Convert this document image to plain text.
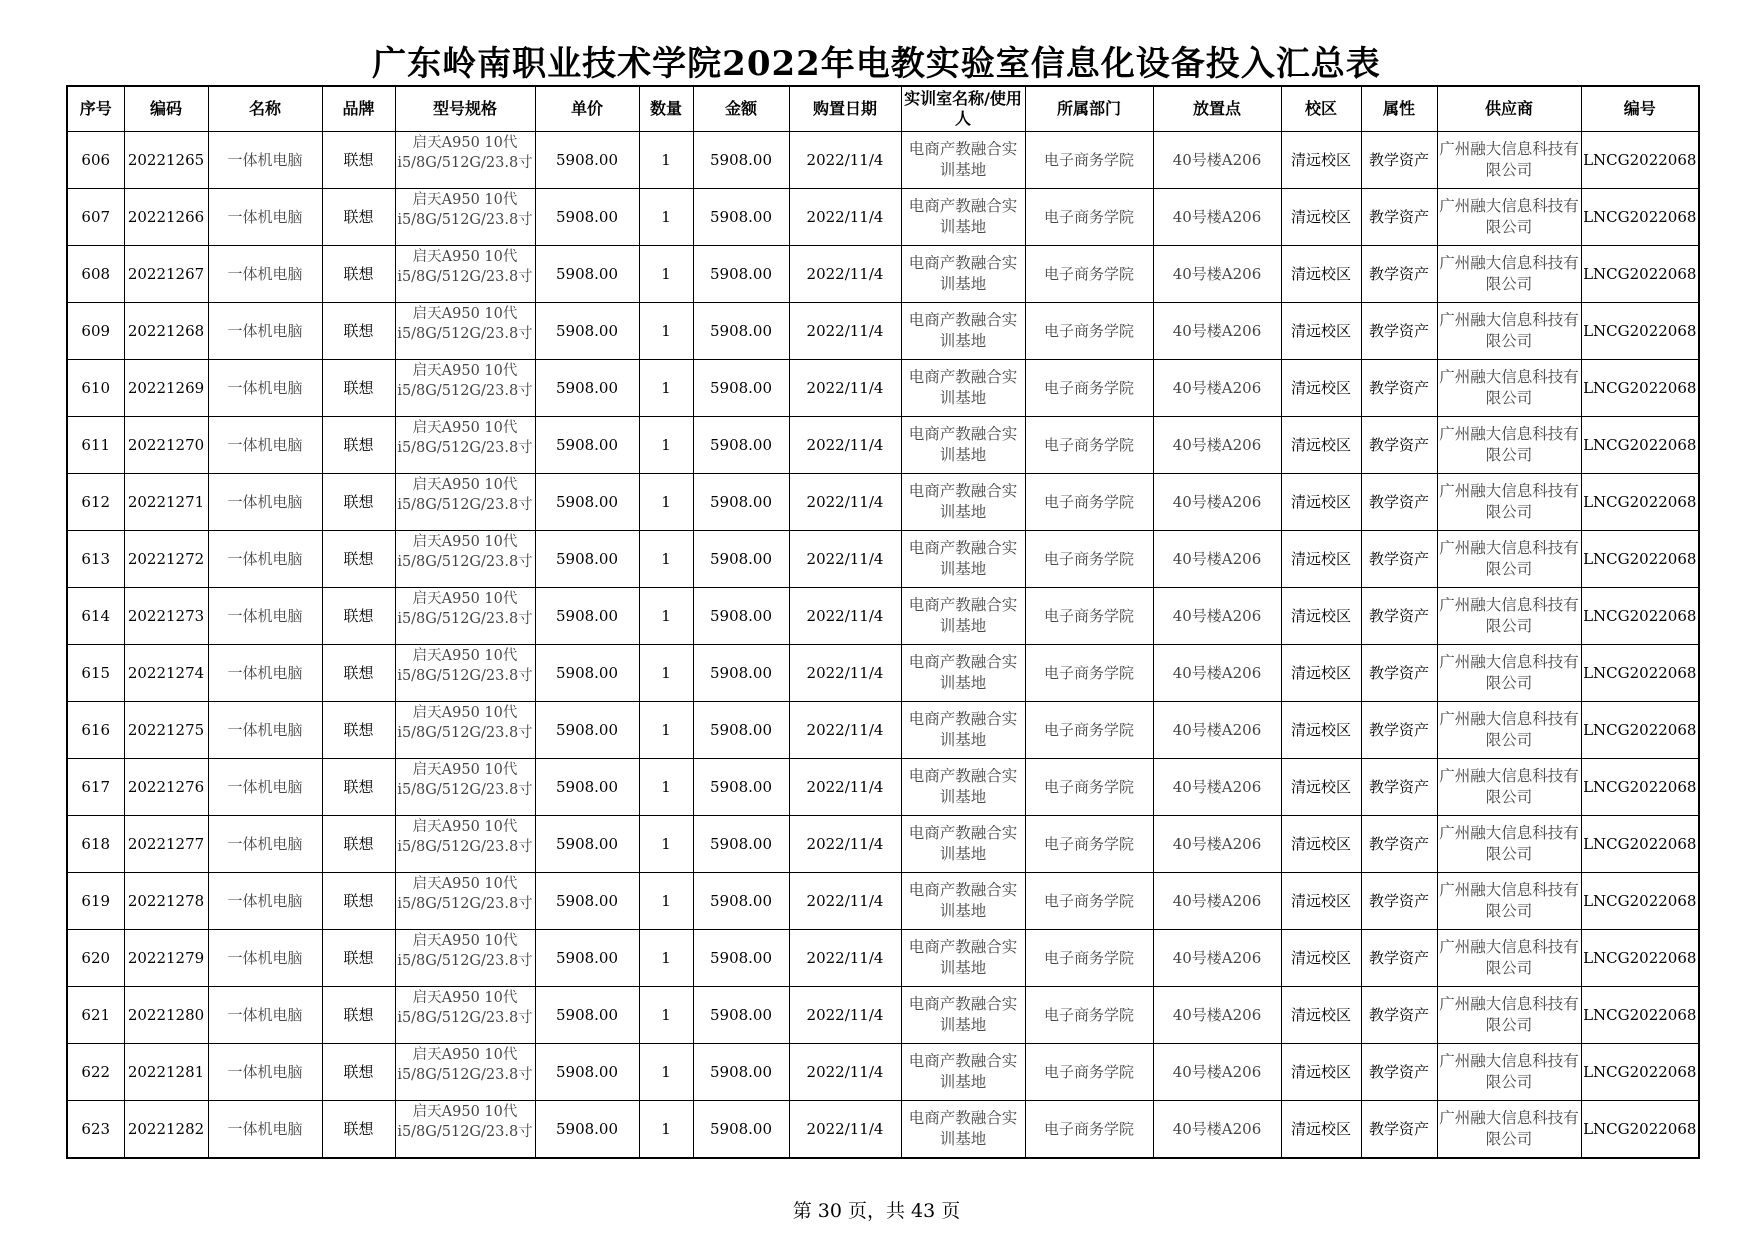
广东岭南职业技术学院2022年电教实验室信息化设备投入汇总表
序号	编码	名称	品牌	型号规格	单价	数量	金额	购置日期	实训室名称/使用人	所属部门	放置点	校区	属性	供应商	编号
606	20221265	一体机电脑	联想	启天A950 10代 i5/8G/512G/23.8寸	5908.00	1	5908.00	2022/11/4	电商产教融合实训基地	电子商务学院	40号楼A206	清远校区	教学资产	广州融大信息科技有限公司	LNCG2022068
607	20221266	一体机电脑	联想	启天A950 10代 i5/8G/512G/23.8寸	5908.00	1	5908.00	2022/11/4	电商产教融合实训基地	电子商务学院	40号楼A206	清远校区	教学资产	广州融大信息科技有限公司	LNCG2022068
608	20221267	一体机电脑	联想	启天A950 10代 i5/8G/512G/23.8寸	5908.00	1	5908.00	2022/11/4	电商产教融合实训基地	电子商务学院	40号楼A206	清远校区	教学资产	广州融大信息科技有限公司	LNCG2022068
609	20221268	一体机电脑	联想	启天A950 10代 i5/8G/512G/23.8寸	5908.00	1	5908.00	2022/11/4	电商产教融合实训基地	电子商务学院	40号楼A206	清远校区	教学资产	广州融大信息科技有限公司	LNCG2022068
610	20221269	一体机电脑	联想	启天A950 10代 i5/8G/512G/23.8寸	5908.00	1	5908.00	2022/11/4	电商产教融合实训基地	电子商务学院	40号楼A206	清远校区	教学资产	广州融大信息科技有限公司	LNCG2022068
611	20221270	一体机电脑	联想	启天A950 10代 i5/8G/512G/23.8寸	5908.00	1	5908.00	2022/11/4	电商产教融合实训基地	电子商务学院	40号楼A206	清远校区	教学资产	广州融大信息科技有限公司	LNCG2022068
612	20221271	一体机电脑	联想	启天A950 10代 i5/8G/512G/23.8寸	5908.00	1	5908.00	2022/11/4	电商产教融合实训基地	电子商务学院	40号楼A206	清远校区	教学资产	广州融大信息科技有限公司	LNCG2022068
613	20221272	一体机电脑	联想	启天A950 10代 i5/8G/512G/23.8寸	5908.00	1	5908.00	2022/11/4	电商产教融合实训基地	电子商务学院	40号楼A206	清远校区	教学资产	广州融大信息科技有限公司	LNCG2022068
614	20221273	一体机电脑	联想	启天A950 10代 i5/8G/512G/23.8寸	5908.00	1	5908.00	2022/11/4	电商产教融合实训基地	电子商务学院	40号楼A206	清远校区	教学资产	广州融大信息科技有限公司	LNCG2022068
615	20221274	一体机电脑	联想	启天A950 10代 i5/8G/512G/23.8寸	5908.00	1	5908.00	2022/11/4	电商产教融合实训基地	电子商务学院	40号楼A206	清远校区	教学资产	广州融大信息科技有限公司	LNCG2022068
616	20221275	一体机电脑	联想	启天A950 10代 i5/8G/512G/23.8寸	5908.00	1	5908.00	2022/11/4	电商产教融合实训基地	电子商务学院	40号楼A206	清远校区	教学资产	广州融大信息科技有限公司	LNCG2022068
617	20221276	一体机电脑	联想	启天A950 10代 i5/8G/512G/23.8寸	5908.00	1	5908.00	2022/11/4	电商产教融合实训基地	电子商务学院	40号楼A206	清远校区	教学资产	广州融大信息科技有限公司	LNCG2022068
618	20221277	一体机电脑	联想	启天A950 10代 i5/8G/512G/23.8寸	5908.00	1	5908.00	2022/11/4	电商产教融合实训基地	电子商务学院	40号楼A206	清远校区	教学资产	广州融大信息科技有限公司	LNCG2022068
619	20221278	一体机电脑	联想	启天A950 10代 i5/8G/512G/23.8寸	5908.00	1	5908.00	2022/11/4	电商产教融合实训基地	电子商务学院	40号楼A206	清远校区	教学资产	广州融大信息科技有限公司	LNCG2022068
620	20221279	一体机电脑	联想	启天A950 10代 i5/8G/512G/23.8寸	5908.00	1	5908.00	2022/11/4	电商产教融合实训基地	电子商务学院	40号楼A206	清远校区	教学资产	广州融大信息科技有限公司	LNCG2022068
621	20221280	一体机电脑	联想	启天A950 10代 i5/8G/512G/23.8寸	5908.00	1	5908.00	2022/11/4	电商产教融合实训基地	电子商务学院	40号楼A206	清远校区	教学资产	广州融大信息科技有限公司	LNCG2022068
622	20221281	一体机电脑	联想	启天A950 10代 i5/8G/512G/23.8寸	5908.00	1	5908.00	2022/11/4	电商产教融合实训基地	电子商务学院	40号楼A206	清远校区	教学资产	广州融大信息科技有限公司	LNCG2022068
623	20221282	一体机电脑	联想	启天A950 10代 i5/8G/512G/23.8寸	5908.00	1	5908.00	2022/11/4	电商产教融合实训基地	电子商务学院	40号楼A206	清远校区	教学资产	广州融大信息科技有限公司	LNCG2022068
第 30 页，共 43 页
